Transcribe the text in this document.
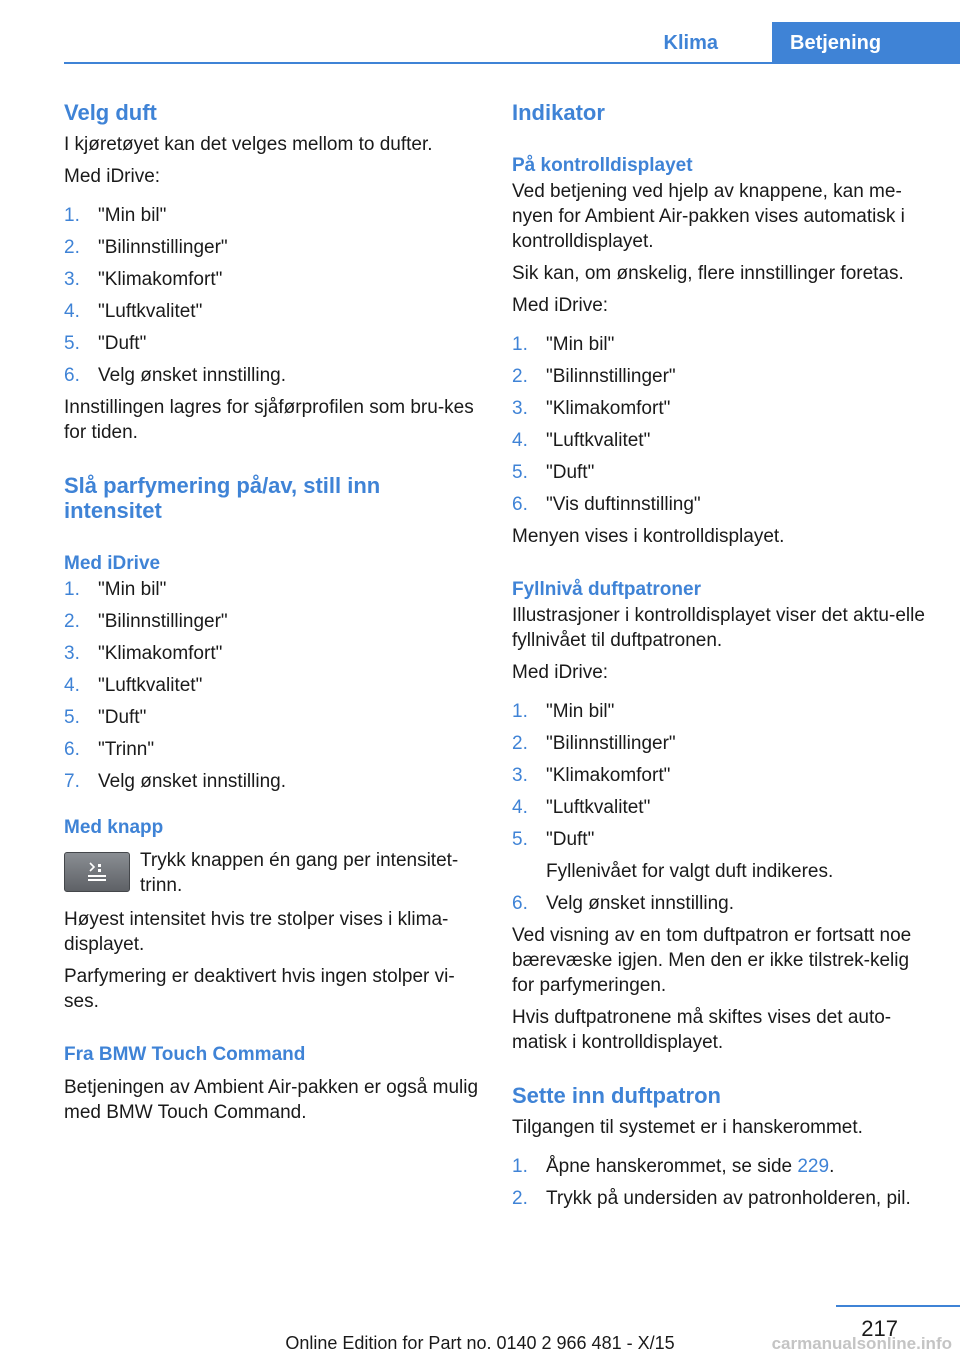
Klima	Betjening
Velg duft

I kjøretøyet kan det velges mellom to dufter.

Med iDrive:

1. "Min bil"
2. "Bilinnstillinger"
3. "Klimakomfort"
4. "Luftkvalitet"
5. "Duft"
6. Velg ønsket innstilling.

Innstillingen lagres for sjåførprofilen som bru-kes for tiden.

Slå parfymering på/av, still inn intensitet
Med iDrive
1. "Min bil"
2. "Bilinnstillinger"
3. "Klimakomfort"
4. "Luftkvalitet"
5. "Duft"
6. "Trinn"
7. Velg ønsket innstilling.
Med knapp
Trykk knappen én gang per intensitet-trinn.

Høyest intensitet hvis tre stolper vises i klima-displayet.

Parfymering er deaktivert hvis ingen stolper vi-ses.

Fra BMW Touch Command

Betjeningen av Ambient Air-pakken er også mulig med BMW Touch Command.

Indikator
På kontrolldisplayet

Ved betjening ved hjelp av knappene, kan me-nyen for Ambient Air-pakken vises automatisk i kontrolldisplayet.

Sik kan, om ønskelig, flere innstillinger foretas.

Med iDrive:

1. "Min bil"
2. "Bilinnstillinger"
3. "Klimakomfort"
4. "Luftkvalitet"
5. "Duft"
6. "Vis duftinnstilling"

Menyen vises i kontrolldisplayet.

Fyllnivå duftpatroner

Illustrasjoner i kontrolldisplayet viser det aktu-elle fyllnivået til duftpatronen.

Med iDrive:

1. "Min bil"
2. "Bilinnstillinger"
3. "Klimakomfort"
4. "Luftkvalitet"
5. "Duft"
Fyllenivået for valgt duft indikeres.
6. Velg ønsket innstilling.

Ved visning av en tom duftpatron er fortsatt noe bærevæske igjen. Men den er ikke tilstrek-kelig for parfymeringen.

Hvis duftpatronene må skiftes vises det auto-matisk i kontrolldisplayet.

Sette inn duftpatron

Tilgangen til systemet er i hanskerommet.

1. Åpne hanskerommet, se side 229.
2. Trykk på undersiden av patronholderen, pil.
217
Online Edition for Part no. 0140 2 966 481 - X/15	carmanualsonline.info
